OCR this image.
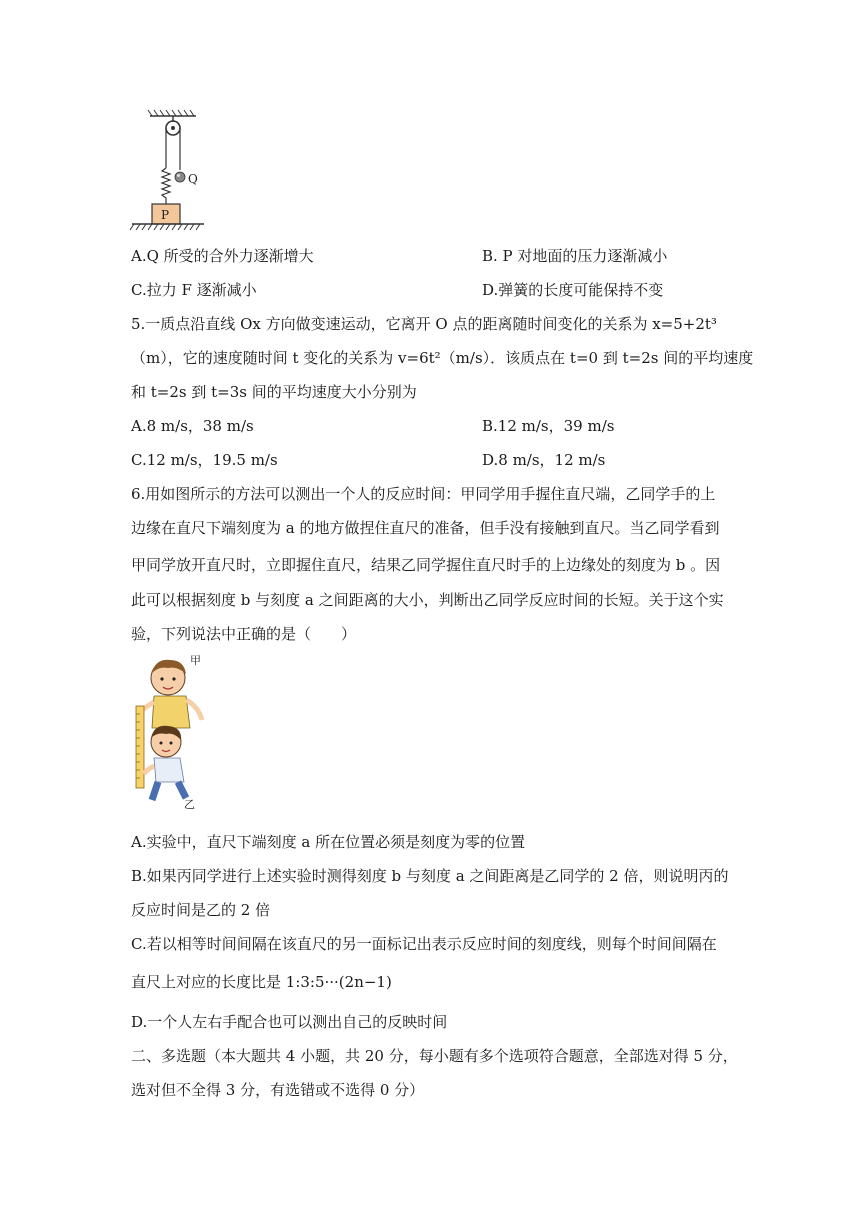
Q
P
A.Q 所受的合外力逐渐增大	B. P 对地面的压力逐渐减小
C.拉力 F 逐渐减小	D.弹簧的长度可能保持不变
5.一质点沿直线 Ox 方向做变速运动，它离开 O 点的距离随时间变化的关系为 x=5+2t³
（m），它的速度随时间 t 变化的关系为 v=6t²（m/s）．该质点在 t=0 到 t=2s 间的平均速度
和 t=2s 到 t=3s 间的平均速度大小分别为
A.8 m/s，38 m/s	B.12 m/s，39 m/s
C.12 m/s，19.5 m/s	D.8 m/s，12 m/s
6.用如图所示的方法可以测出一个人的反应时间：甲同学用手握住直尺端，乙同学手的上
边缘在直尺下端刻度为 a 的地方做捏住直尺的准备，但手没有接触到直尺。当乙同学看到
甲同学放开直尺时，立即握住直尺，结果乙同学握住直尺时手的上边缘处的刻度为 b 。因
此可以根据刻度 b 与刻度 a 之间距离的大小，判断出乙同学反应时间的长短。关于这个实
验，下列说法中正确的是（　　）
甲
乙
A.实验中，直尺下端刻度 a 所在位置必须是刻度为零的位置
B.如果丙同学进行上述实验时测得刻度 b 与刻度 a 之间距离是乙同学的 2 倍，则说明丙的
反应时间是乙的 2 倍
C.若以相等时间间隔在该直尺的另一面标记出表示反应时间的刻度线，则每个时间间隔在
直尺上对应的长度比是 1:3:5···(2n−1)
D.一个人左右手配合也可以测出自己的反映时间
二、多选题（本大题共 4 小题，共 20 分，每小题有多个选项符合题意，全部选对得 5 分，
选对但不全得 3 分，有选错或不选得 0 分）
